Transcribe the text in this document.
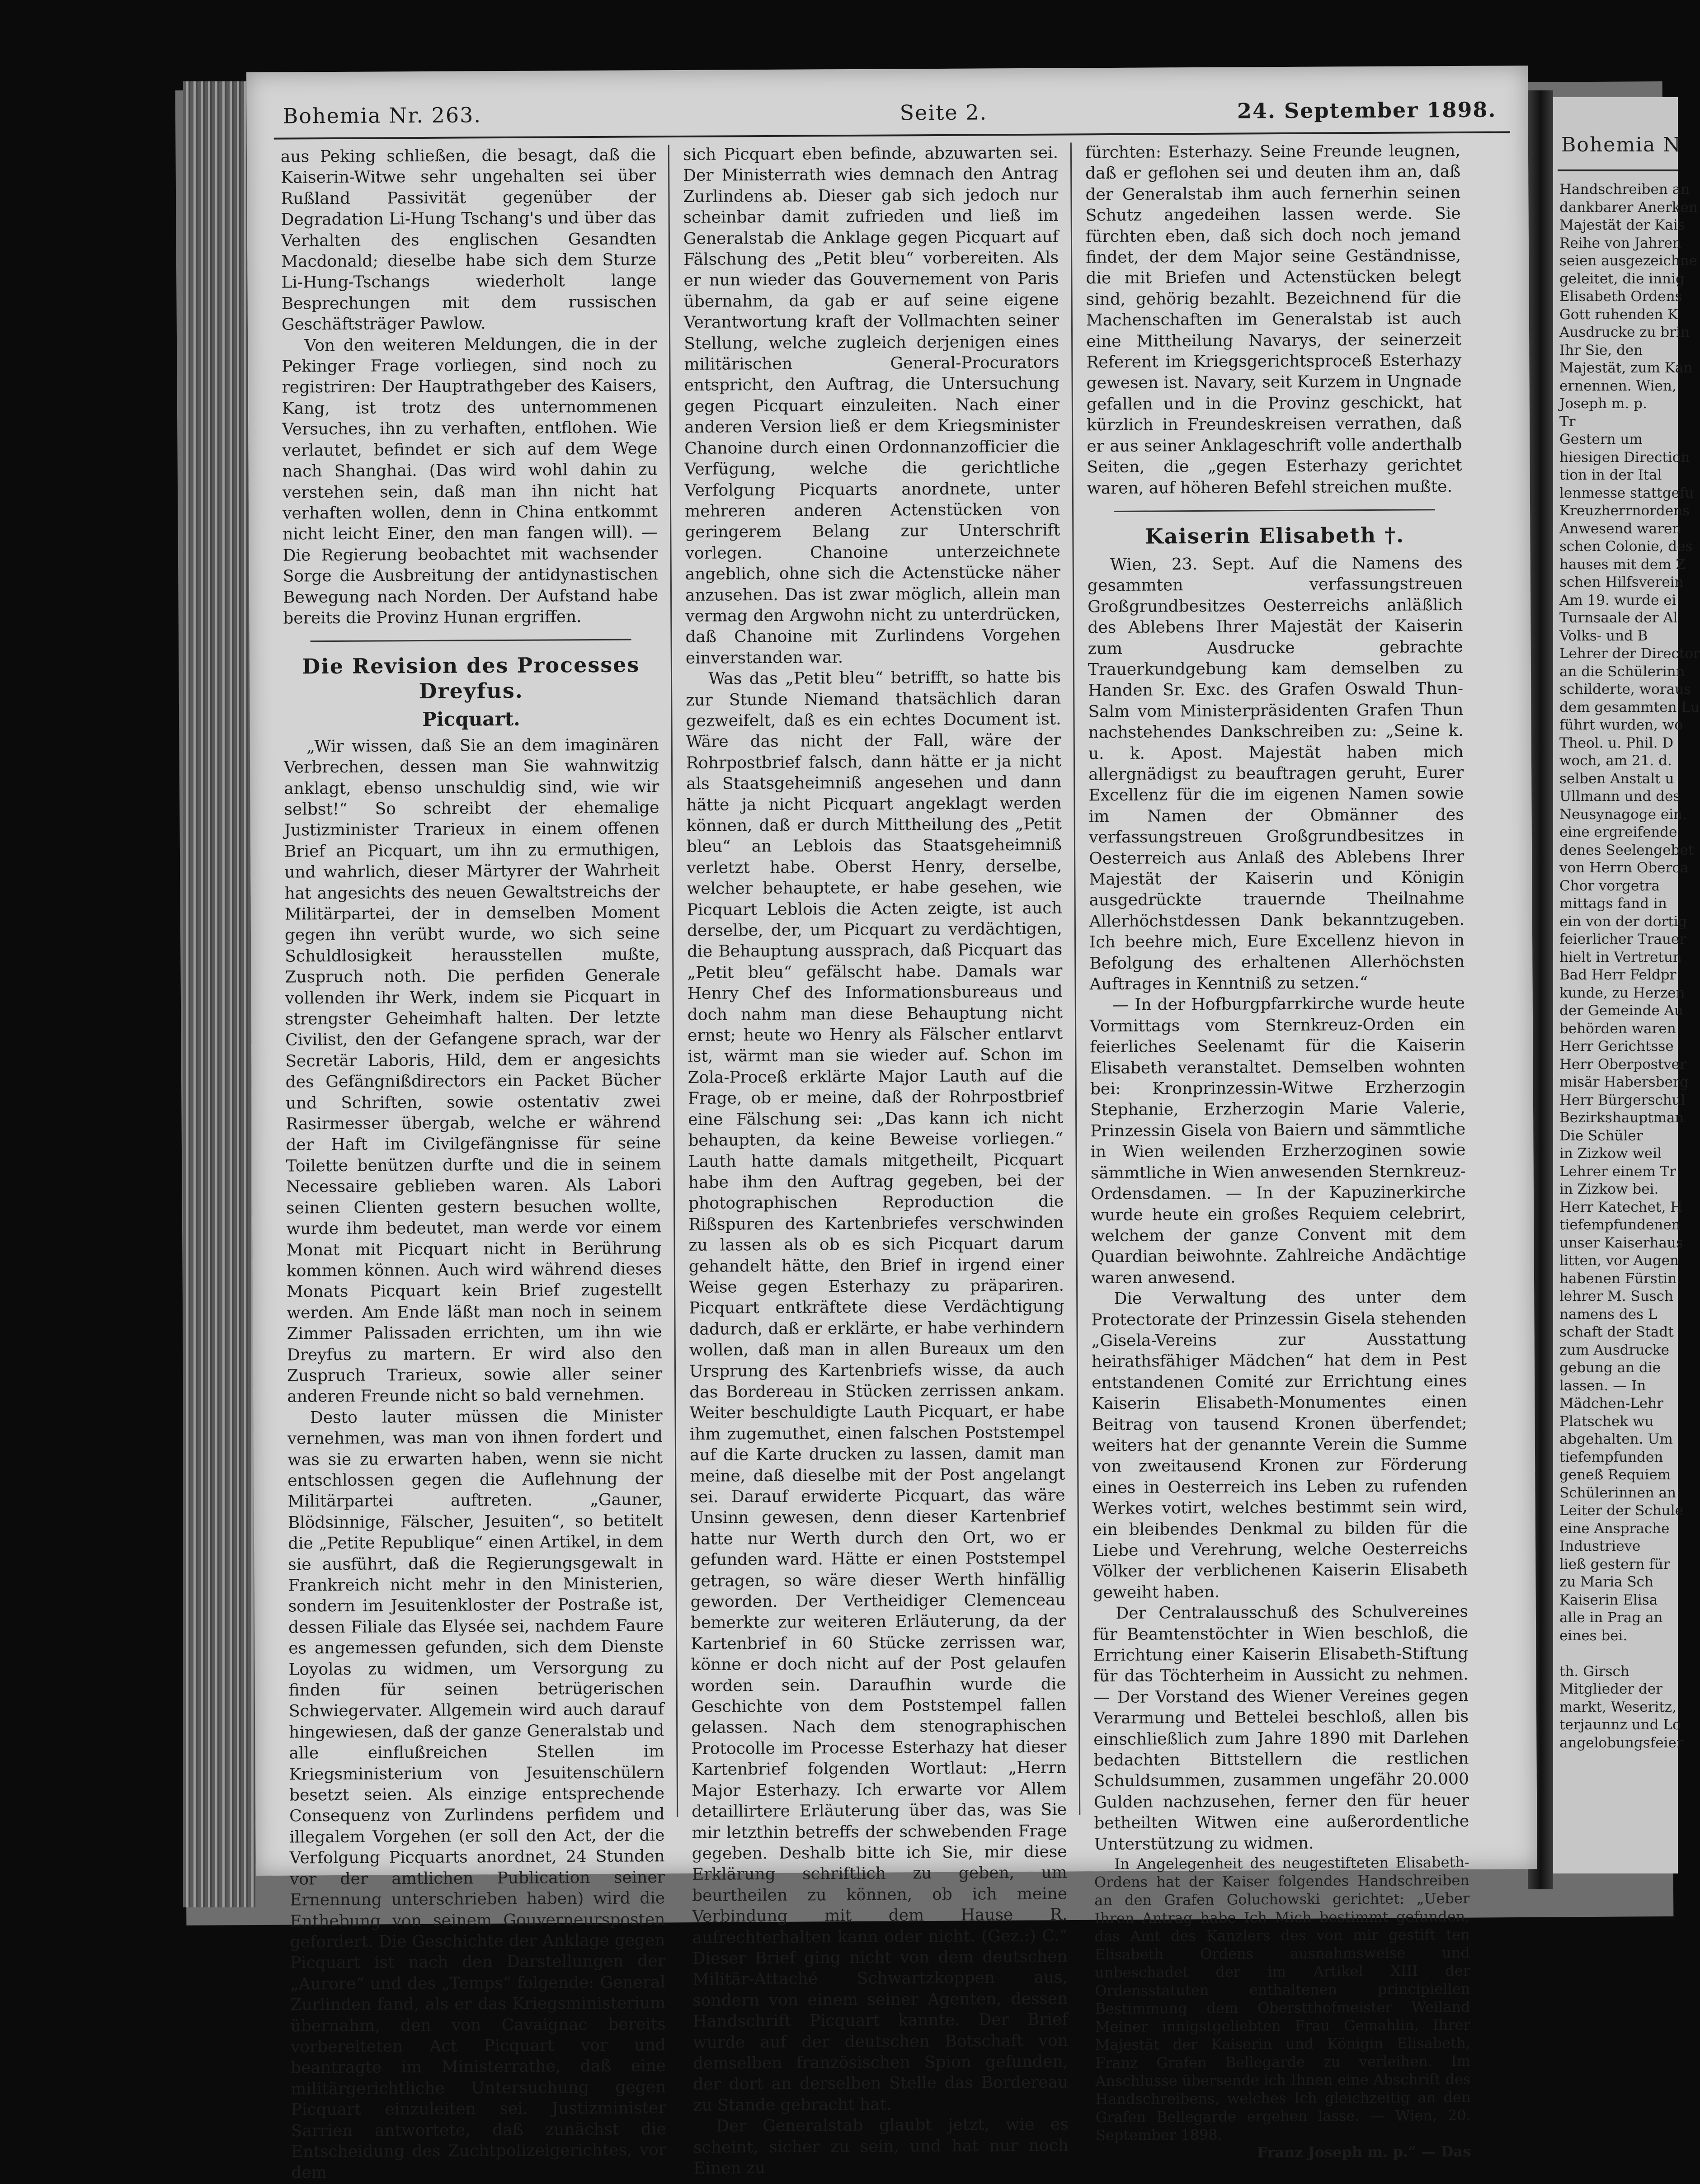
Bohemia Nr. 263.	Seite 2.	24. September 1898.

aus Peking schließen, die besagt, daß die Kaiserin-Witwe sehr ungehalten sei über Rußland Passivität gegenüber der Degradation Li-Hung Tschang's und über das Verhalten des englischen Gesandten Macdonald; dieselbe habe sich dem Sturze Li-Hung-Tschangs wiederholt lange Besprechungen mit dem russischen Geschäftsträger Pawlow.

Von den weiteren Meldungen, die in der Pekinger Frage vorliegen, sind noch zu registriren: Der Hauptrathgeber des Kaisers, Kang, ist trotz des unternommenen Versuches, ihn zu verhaften, entflohen. Wie verlautet, befindet er sich auf dem Wege nach Shanghai. (Das wird wohl dahin zu verstehen sein, daß man ihn nicht hat verhaften wollen, denn in China entkommt nicht leicht Einer, den man fangen will). — Die Regierung beobachtet mit wachsender Sorge die Ausbreitung der antidynastischen Bewegung nach Norden. Der Aufstand habe bereits die Provinz Hunan ergriffen.

Die Revision des Processes Dreyfus.
Picquart.

„Wir wissen, daß Sie an dem imaginären Verbrechen, dessen man Sie wahnwitzig anklagt, ebenso unschuldig sind, wie wir selbst!“ So schreibt der ehemalige Justizminister Trarieux in einem offenen Brief an Picquart, um ihn zu ermuthigen, und wahrlich, dieser Märtyrer der Wahrheit hat angesichts des neuen Gewaltstreichs der Militärpartei, der in demselben Moment gegen ihn verübt wurde, wo sich seine Schuldlosigkeit herausstellen mußte, Zuspruch noth. Die perfiden Generale vollenden ihr Werk, indem sie Picquart in strengster Geheimhaft halten. Der letzte Civilist, den der Gefangene sprach, war der Secretär Laboris, Hild, dem er angesichts des Gefängnißdirectors ein Packet Bücher und Schriften, sowie ostentativ zwei Rasirmesser übergab, welche er während der Haft im Civilgefängnisse für seine Toilette benützen durfte und die in seinem Necessaire geblieben waren. Als Labori seinen Clienten gestern besuchen wollte, wurde ihm bedeutet, man werde vor einem Monat mit Picquart nicht in Berührung kommen können. Auch wird während dieses Monats Picquart kein Brief zugestellt werden. Am Ende läßt man noch in seinem Zimmer Palissaden errichten, um ihn wie Dreyfus zu martern. Er wird also den Zuspruch Trarieux, sowie aller seiner anderen Freunde nicht so bald vernehmen.

Desto lauter müssen die Minister vernehmen, was man von ihnen fordert und was sie zu erwarten haben, wenn sie nicht entschlossen gegen die Auflehnung der Militärpartei auftreten. „Gauner, Blödsinnige, Fälscher, Jesuiten“, so betitelt die „Petite Republique“ einen Artikel, in dem sie ausführt, daß die Regierungsgewalt in Frankreich nicht mehr in den Ministerien, sondern im Jesuitenkloster der Postraße ist, dessen Filiale das Elysée sei, nachdem Faure es angemessen gefunden, sich dem Dienste Loyolas zu widmen, um Versorgung zu finden für seinen betrügerischen Schwiegervater. Allgemein wird auch darauf hingewiesen, daß der ganze Generalstab und alle einflußreichen Stellen im Kriegsministerium von Jesuitenschülern besetzt seien. Als einzige entsprechende Consequenz von Zurlindens perfidem und illegalem Vorgehen (er soll den Act, der die Verfolgung Picquarts anordnet, 24 Stunden vor der amtlichen Publication seiner Ernennung unterschrieben haben) wird die Enthebung von seinem Gouverneursposten gefordert. Die Geschichte der Anklage gegen Picquart ist nach den Darstellungen der „Aurore“ und des „Temps“ folgende: General Zurlinden fand, als er das Kriegsministerium übernahm, den von Cavaignac bereits vorbereiteten Act Picquart vor und beantragte im Ministerrathe, daß eine militärgerichtliche Untersuchung gegen Picquart einzuleiten sei. Justizminister Sarrien antwortete, daß zunächst die Entscheidung des Zuchtpolizeigerichtes, vor dem

sich Picquart eben befinde, abzuwarten sei. Der Ministerrath wies demnach den Antrag Zurlindens ab. Dieser gab sich jedoch nur scheinbar damit zufrieden und ließ im Generalstab die Anklage gegen Picquart auf Fälschung des „Petit bleu“ vorbereiten. Als er nun wieder das Gouvernement von Paris übernahm, da gab er auf seine eigene Verantwortung kraft der Vollmachten seiner Stellung, welche zugleich derjenigen eines militärischen General-Procurators entspricht, den Auftrag, die Untersuchung gegen Picquart einzuleiten. Nach einer anderen Version ließ er dem Kriegsminister Chanoine durch einen Ordonnanzofficier die Verfügung, welche die gerichtliche Verfolgung Picquarts anordnete, unter mehreren anderen Actenstücken von geringerem Belang zur Unterschrift vorlegen. Chanoine unterzeichnete angeblich, ohne sich die Actenstücke näher anzusehen. Das ist zwar möglich, allein man vermag den Argwohn nicht zu unterdrücken, daß Chanoine mit Zurlindens Vorgehen einverstanden war.

Was das „Petit bleu“ betrifft, so hatte bis zur Stunde Niemand thatsächlich daran gezweifelt, daß es ein echtes Document ist. Wäre das nicht der Fall, wäre der Rohrpostbrief falsch, dann hätte er ja nicht als Staatsgeheimniß angesehen und dann hätte ja nicht Picquart angeklagt werden können, daß er durch Mittheilung des „Petit bleu“ an Leblois das Staatsgeheimniß verletzt habe. Oberst Henry, derselbe, welcher behauptete, er habe gesehen, wie Picquart Leblois die Acten zeigte, ist auch derselbe, der, um Picquart zu verdächtigen, die Behauptung aussprach, daß Picquart das „Petit bleu“ gefälscht habe. Damals war Henry Chef des Informationsbureaus und doch nahm man diese Behauptung nicht ernst; heute wo Henry als Fälscher entlarvt ist, wärmt man sie wieder auf. Schon im Zola-Proceß erklärte Major Lauth auf die Frage, ob er meine, daß der Rohrpostbrief eine Fälschung sei: „Das kann ich nicht behaupten, da keine Beweise vorliegen.“ Lauth hatte damals mitgetheilt, Picquart habe ihm den Auftrag gegeben, bei der photographischen Reproduction die Rißspuren des Kartenbriefes verschwinden zu lassen als ob es sich Picquart darum gehandelt hätte, den Brief in irgend einer Weise gegen Esterhazy zu präpariren. Picquart entkräftete diese Verdächtigung dadurch, daß er erklärte, er habe verhindern wollen, daß man in allen Bureaux um den Ursprung des Kartenbriefs wisse, da auch das Bordereau in Stücken zerrissen ankam. Weiter beschuldigte Lauth Picquart, er habe ihm zugemuthet, einen falschen Poststempel auf die Karte drucken zu lassen, damit man meine, daß dieselbe mit der Post angelangt sei. Darauf erwiderte Picquart, das wäre Unsinn gewesen, denn dieser Kartenbrief hatte nur Werth durch den Ort, wo er gefunden ward. Hätte er einen Poststempel getragen, so wäre dieser Werth hinfällig geworden. Der Vertheidiger Clemenceau bemerkte zur weiteren Erläuterung, da der Kartenbrief in 60 Stücke zerrissen war, könne er doch nicht auf der Post gelaufen worden sein. Daraufhin wurde die Geschichte von dem Poststempel fallen gelassen. Nach dem stenographischen Protocolle im Processe Esterhazy hat dieser Kartenbrief folgenden Wortlaut: „Herrn Major Esterhazy. Ich erwarte vor Allem detaillirtere Erläuterung über das, was Sie mir letzthin betreffs der schwebenden Frage gegeben. Deshalb bitte ich Sie, mir diese Erklärung schriftlich zu geben, um beurtheilen zu können, ob ich meine Verbindung mit dem Hause R. aufrechterhalten kann oder nicht. (Gez.:) C.“ Dieser Brief ging nicht von dem deutschen Militär-Attaché Schwartzkoppen aus, sondern von einem seiner Agenten, dessen Handschrift Picquart kannte. Der Brief wurde auf der deutschen Botschaft von demselben französischen Spion gefunden, der dort an derselben Stelle das Bordereau zu Stande gebracht hat.

Der Generalstab glaubt jetzt, wie es scheint, sicher zu sein, und hat nur noch Einen zu

fürchten: Esterhazy. Seine Freunde leugnen, daß er geflohen sei und deuten ihm an, daß der Generalstab ihm auch fernerhin seinen Schutz angedeihen lassen werde. Sie fürchten eben, daß sich doch noch jemand findet, der dem Major seine Geständnisse, die mit Briefen und Actenstücken belegt sind, gehörig bezahlt. Bezeichnend für die Machenschaften im Generalstab ist auch eine Mittheilung Navarys, der seinerzeit Referent im Kriegsgerichtsproceß Esterhazy gewesen ist. Navary, seit Kurzem in Ungnade gefallen und in die Provinz geschickt, hat kürzlich in Freundeskreisen verrathen, daß er aus seiner Anklageschrift volle anderthalb Seiten, die „gegen Esterhazy gerichtet waren, auf höheren Befehl streichen mußte.

Kaiserin Elisabeth †.

Wien, 23. Sept. Auf die Namens des gesammten verfassungstreuen Großgrundbesitzes Oesterreichs anläßlich des Ablebens Ihrer Majestät der Kaiserin zum Ausdrucke gebrachte Trauerkundgebung kam demselben zu Handen Sr. Exc. des Grafen Oswald Thun-Salm vom Ministerpräsidenten Grafen Thun nachstehendes Dankschreiben zu: „Seine k. u. k. Apost. Majestät haben mich allergnädigst zu beauftragen geruht, Eurer Excellenz für die im eigenen Namen sowie im Namen der Obmänner des verfassungstreuen Großgrundbesitzes in Oesterreich aus Anlaß des Ablebens Ihrer Majestät der Kaiserin und Königin ausgedrückte trauernde Theilnahme Allerhöchstdessen Dank bekanntzugeben. Ich beehre mich, Eure Excellenz hievon in Befolgung des erhaltenen Allerhöchsten Auftrages in Kenntniß zu setzen.“

— In der Hofburgpfarrkirche wurde heute Vormittags vom Sternkreuz-Orden ein feierliches Seelenamt für die Kaiserin Elisabeth veranstaltet. Demselben wohnten bei: Kronprinzessin-Witwe Erzherzogin Stephanie, Erzherzogin Marie Valerie, Prinzessin Gisela von Baiern und sämmtliche in Wien weilenden Erzherzoginen sowie sämmtliche in Wien anwesenden Sternkreuz-Ordensdamen. — In der Kapuzinerkirche wurde heute ein großes Requiem celebrirt, welchem der ganze Convent mit dem Quardian beiwohnte. Zahlreiche Andächtige waren anwesend.

Die Verwaltung des unter dem Protectorate der Prinzessin Gisela stehenden „Gisela-Vereins zur Ausstattung heirathsfähiger Mädchen“ hat dem in Pest entstandenen Comité zur Errichtung eines Kaiserin Elisabeth-Monumentes einen Beitrag von tausend Kronen überfendet; weiters hat der genannte Verein die Summe von zweitausend Kronen zur Förderung eines in Oesterreich ins Leben zu rufenden Werkes votirt, welches bestimmt sein wird, ein bleibendes Denkmal zu bilden für die Liebe und Verehrung, welche Oesterreichs Völker der verblichenen Kaiserin Elisabeth geweiht haben.

Der Centralausschuß des Schulvereines für Beamtenstöchter in Wien beschloß, die Errichtung einer Kaiserin Elisabeth-Stiftung für das Töchterheim in Aussicht zu nehmen. — Der Vorstand des Wiener Vereines gegen Verarmung und Bettelei beschloß, allen bis einschließlich zum Jahre 1890 mit Darlehen bedachten Bittstellern die restlichen Schuldsummen, zusammen ungefähr 20.000 Gulden nachzusehen, ferner den für heuer betheilten Witwen eine außerordentliche Unterstützung zu widmen.

In Angelegenheit des neugestifteten Elisabeth-Ordens hat der Kaiser folgendes Handschreiben an den Grafen Goluchowski gerichtet: „Ueber Ihren Antrag habe Ich Mich bestimmt gefunden, das Amt des Kanzlers des von mir gestift ten Elisabeth Ordens ausnahmsweise und unbeschadet der im Artikel XIII der Ordensstatuten enthaltenen principiellen Bestimmung dem Oberstthofmeister Weiland Meiner innigstgeliebten Frau Gemahlin, Ihrer Majestät der Kaiserin und Königin Elisabeth, Franz Grafen Bellegarde zu verleihen. Im Anschlusse übersende ich Ihnen eine Abschrift des Handschreibens, welches Ich gleichzeitig an den Grafen Bellegarde ergehen lasse. — Wien, 20. September 1898.

Franz Joseph m. p.“ — Das
Bohemia N
Handschreiben an
dankbarer Anerken
Majestät der Kais
Reihe von Jahren
seien ausgezeichne
geleitet, die innig
Elisabeth Ordens
Gott ruhenden K
Ausdrucke zu brin
Ihr Sie, den
Majestät, zum Kan
ernennen. Wien,
Joseph m. p.
Tr
Gestern um
hiesigen Direction
tion in der Ital
lenmesse stattgefu
Kreuzherrnordens
Anwesend waren
schen Colonie, des
hauses mit dem Z
schen Hilfsverein
Am 19. wurde ei
Turnsaale der Al
Volks- und B
Lehrer der Director
an die Schülerinn
schilderte, woraus
dem gesammten Lu
führt wurden, wo
Theol. u. Phil. D
woch, am 21. d.
selben Anstalt u
Ullmann und des
Neusynagoge ein.
eine ergreifende
denes Seelengebet
von Herrn Oberca
Chor vorgetra
mittags fand in
ein von der dortig
feierlicher Trauer
hielt in Vertretun
Bad Herr Feldpr
kunde, zu Herzen
der Gemeinde Au
behörden waren
Herr Gerichtsse
Herr Oberpostver
misär Habersberg
Herr Bürgerschul
Bezirkshauptman
Die Schüler
in Zizkow weil
Lehrer einem Tr
in Zizkow bei.
Herr Katechet, H
tiefempfundenen
unser Kaiserhaus
litten, vor Augen
habenen Fürstin.
lehrer M. Susch
namens des L
schaft der Stadt
zum Ausdrucke
gebung an die
lassen. — In
Mädchen-Lehr
Platschek wu
abgehalten. Um
tiefempfunden
geneß Requiem
Schülerinnen an
Leiter der Schule
eine Ansprache
Industrieve
ließ gestern für
zu Maria Sch
Kaiserin Elisa
alle in Prag an
eines bei.

th. Girsch
Mitglieder der
markt, Weseritz,
terjaunnz und Lo
angelobungsfeier
